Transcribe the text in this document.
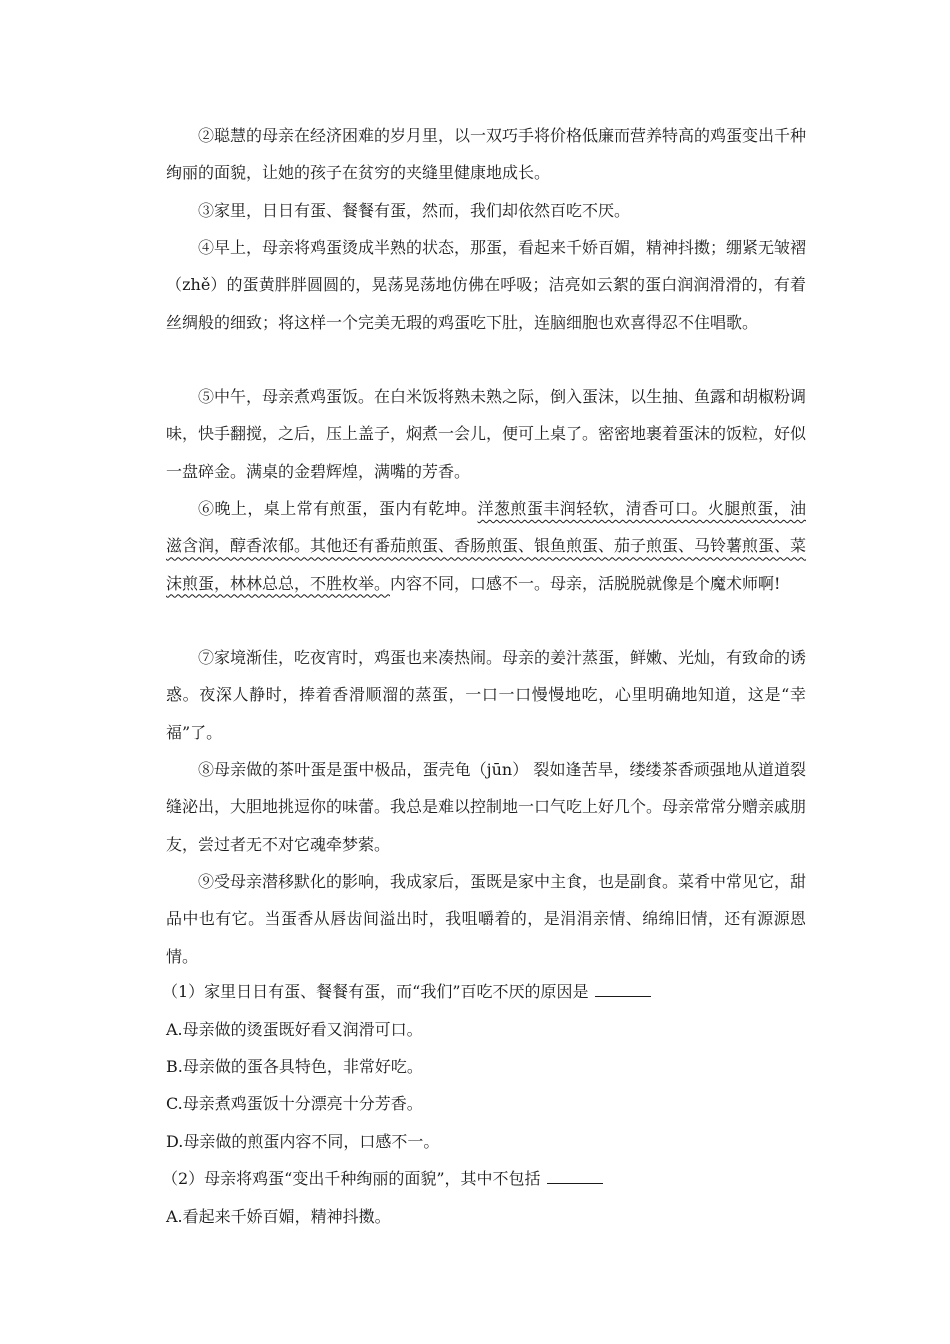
②聪慧的母亲在经济困难的岁月里，以一双巧手将价格低廉而营养特高的鸡蛋变出千种绚丽的面貌，让她的孩子在贫穷的夹缝里健康地成长。

③家里，日日有蛋、餐餐有蛋，然而，我们却依然百吃不厌。

④早上，母亲将鸡蛋烫成半熟的状态，那蛋，看起来千娇百媚，精神抖擞；绷紧无皱褶（zhě）的蛋黄胖胖圆圆的，晃荡晃荡地仿佛在呼吸；洁亮如云絮的蛋白润润滑滑的，有着丝绸般的细致；将这样一个完美无瑕的鸡蛋吃下肚，连脑细胞也欢喜得忍不住唱歌。

⑤中午，母亲煮鸡蛋饭。在白米饭将熟未熟之际，倒入蛋沫，以生抽、鱼露和胡椒粉调味，快手翻搅，之后，压上盖子，焖煮一会儿，便可上桌了。密密地裹着蛋沫的饭粒，好似一盘碎金。满桌的金碧辉煌，满嘴的芳香。

⑥晚上，桌上常有煎蛋，蛋内有乾坤。洋葱煎蛋丰润轻软，清香可口。火腿煎蛋，油滋含润，醇香浓郁。其他还有番茄煎蛋、香肠煎蛋、银鱼煎蛋、茄子煎蛋、马铃薯煎蛋、菜沫煎蛋，林林总总，不胜枚举。内容不同，口感不一。母亲，活脱脱就像是个魔术师啊!

⑦家境渐佳，吃夜宵时，鸡蛋也来凑热闹。母亲的姜汁蒸蛋，鲜嫩、光灿，有致命的诱惑。夜深人静时，捧着香滑顺溜的蒸蛋，一口一口慢慢地吃，心里明确地知道，这是“幸福”了。

⑧母亲做的茶叶蛋是蛋中极品，蛋壳龟（jūn） 裂如逢苦旱，缕缕茶香顽强地从道道裂缝泌出，大胆地挑逗你的味蕾。我总是难以控制地一口气吃上好几个。母亲常常分赠亲戚朋友，尝过者无不对它魂牵梦萦。

⑨受母亲潜移默化的影响，我成家后，蛋既是家中主食，也是副食。菜肴中常见它，甜品中也有它。当蛋香从唇齿间溢出时，我咀嚼着的，是涓涓亲情、绵绵旧情，还有源源恩情。

（1）家里日日有蛋、餐餐有蛋，而“我们”百吃不厌的原因是

A.母亲做的烫蛋既好看又润滑可口。

B.母亲做的蛋各具特色，非常好吃。

C.母亲煮鸡蛋饭十分漂亮十分芳香。

D.母亲做的煎蛋内容不同，口感不一。

（2）母亲将鸡蛋“变出千种绚丽的面貌”，其中不包括

A.看起来千娇百媚，精神抖擞。
